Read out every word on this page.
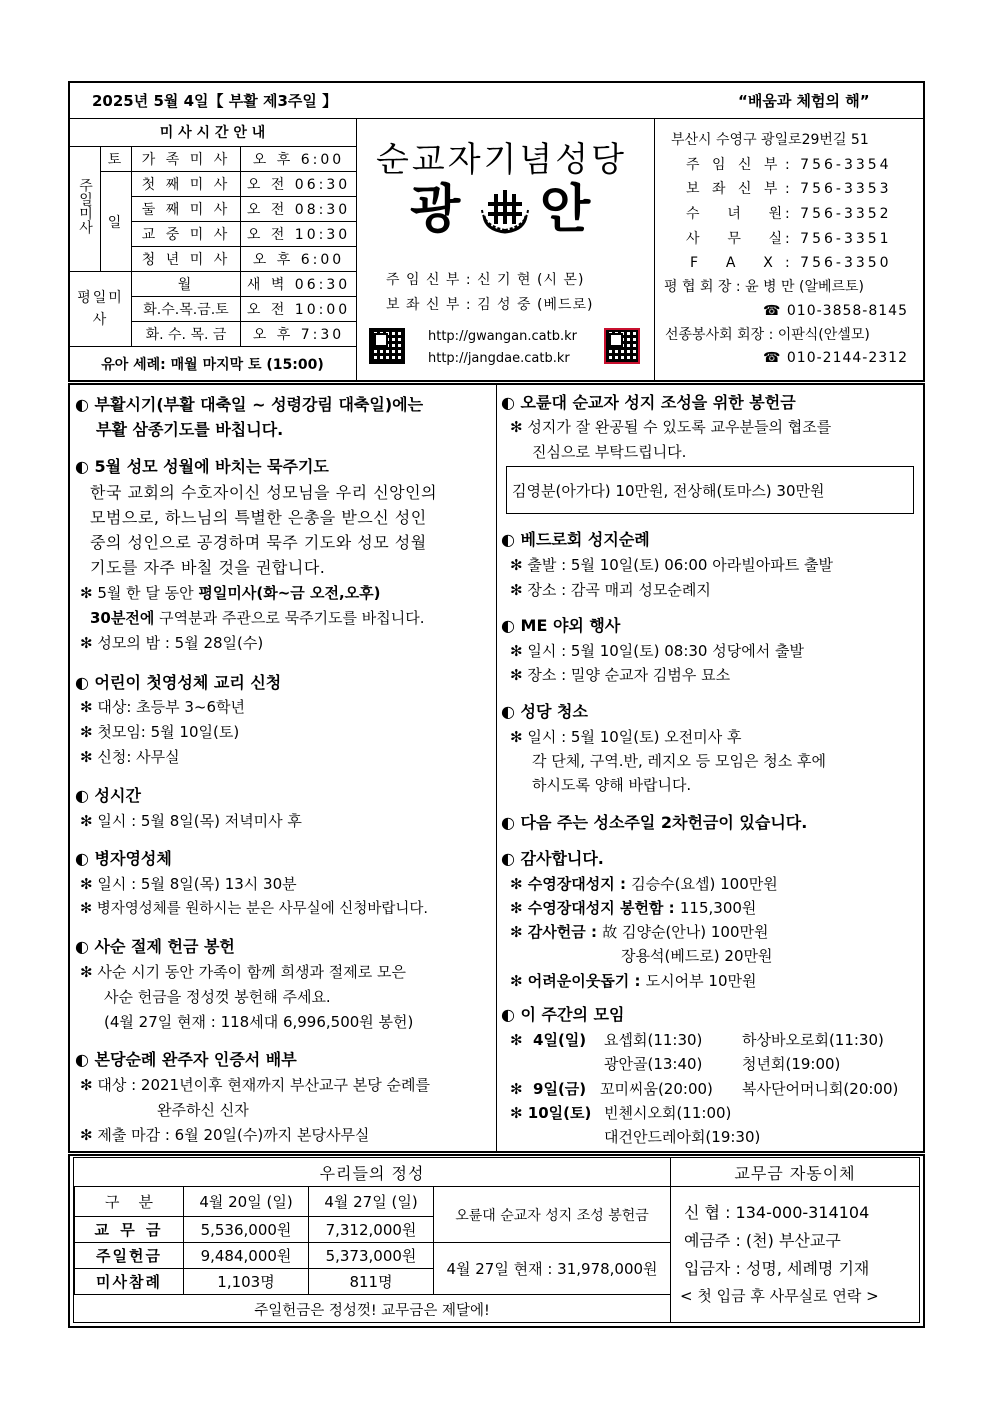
2025년 5월 4일【 부활 제3주일 】	“배움과 체험의 해”
미 사 시 간 안 내
주일미사	토	가 족 미 사	오 후 6:00
	일	첫 째 미 사	오 전 06:30
		둘 째 미 사	오 전 08:30
		교 중 미 사	오 전 10:30
		청 년 미 사	오 후 6:00
평일미사		월	새 벽 06:30
		화.수.목.금.토	오 전 10:00
		화. 수. 목. 금	오 후 7:30
유아 세례: 매월 마지막 토 (15:00)
순교자기념성당
광 안
주 임 신 부 : 신 기 현 (시 몬)
보 좌 신 부 : 김 성 중 (베드로)
http://gwangan.catb.kr
http://jangdae.catb.kr
부산시 수영구 광일로29번길 51
주 임 신 부 : 756-3354
보 좌 신 부 : 756-3353
수    녀    원 : 756-3352
사    무    실 : 756-3351
F    A    X : 756-3350
평 협 회 장 : 윤 병 만 (알베르토)
☎ 010-3858-8145
선종봉사회 회장 : 이판식(안셀모)
☎ 010-2144-2312
◐ 부활시기(부활 대축일 ~ 성령강림 대축일)에는
부활 삼종기도를 바칩니다.
◐ 5월 성모 성월에 바치는 묵주기도
한국 교회의 수호자이신 성모님을 우리 신앙인의
모범으로, 하느님의 특별한 은총을 받으신 성인
중의 성인으로 공경하며 묵주 기도와 성모 성월
기도를 자주 바칠 것을 권합니다.
✻ 5월 한 달 동안 평일미사(화~금 오전,오후)
30분전에 구역분과 주관으로 묵주기도를 바칩니다.
✻ 성모의 밤 : 5월 28일(수)
◐ 어린이 첫영성체 교리 신청
✻ 대상: 초등부 3~6학년
✻ 첫모임: 5월 10일(토)
✻ 신청: 사무실
◐ 성시간
✻ 일시 : 5월 8일(목) 저녁미사 후
◐ 병자영성체
✻ 일시 : 5월 8일(목) 13시 30분
✻ 병자영성체를 원하시는 분은 사무실에 신청바랍니다.
◐ 사순 절제 헌금 봉헌
✻ 사순 시기 동안 가족이 함께 희생과 절제로 모은
사순 헌금을 정성껏 봉헌해 주세요.
(4월 27일 현재 : 118세대 6,996,500원 봉헌)
◐ 본당순례 완주자 인증서 배부
✻ 대상 : 2021년이후 현재까지 부산교구 본당 순례를
완주하신 신자
✻ 제출 마감 : 6월 20일(수)까지 본당사무실
◐ 오륜대 순교자 성지 조성을 위한 봉헌금
✻ 성지가 잘 완공될 수 있도록 교우분들의 협조를
진심으로 부탁드립니다.
김영분(아가다) 10만원, 전상해(토마스) 30만원
◐ 베드로회 성지순례
✻ 출발 : 5월 10일(토) 06:00 아라빌아파트 출발
✻ 장소 : 감곡 매괴 성모순례지
◐ ME 야외 행사
✻ 일시 : 5월 10일(토) 08:30 성당에서 출발
✻ 장소 : 밀양 순교자 김범우 묘소
◐ 성당 청소
✻ 일시 : 5월 10일(토) 오전미사 후
각 단체, 구역.반, 레지오 등 모임은 청소 후에
하시도록 양해 바랍니다.
◐ 다음 주는 성소주일 2차헌금이 있습니다.
◐ 감사합니다.
✻ 수영장대성지 : 김승수(요셉) 100만원
✻ 수영장대성지 봉헌함 : 115,300원
✻ 감사헌금 : 故 김양순(안나) 100만원
장용석(베드로) 20만원
✻ 어려운이웃돕기 : 도시어부 10만원
◐ 이 주간의 모임
✻  4일(일) 요셉회(11:30)	하상바오로회(11:30)
광안골(13:40)	청년회(19:00)
✻  9일(금) 꼬미씨움(20:00) 복사단어머니회(20:00)
✻ 10일(토) 빈첸시오회(11:00)
대건안드레아회(19:30)
우리들의 정성	교무금 자동이체
구    분	4월 20일 (일)	4월 27일 (일)	오륜대 순교자 성지 조성 봉헌금
교 무 금	5,536,000원	7,312,000원	
주일헌금	9,484,000원	5,373,000원	4월 27일 현재 : 31,978,000원
미사참례	1,103명	811명	
주일헌금은 정성껏! 교무금은 제달에!
신 협 : 134-000-314104
예금주 : (천) 부산교구
입금자 : 성명, 세례명 기재
< 첫 입금 후 사무실로 연락 >
